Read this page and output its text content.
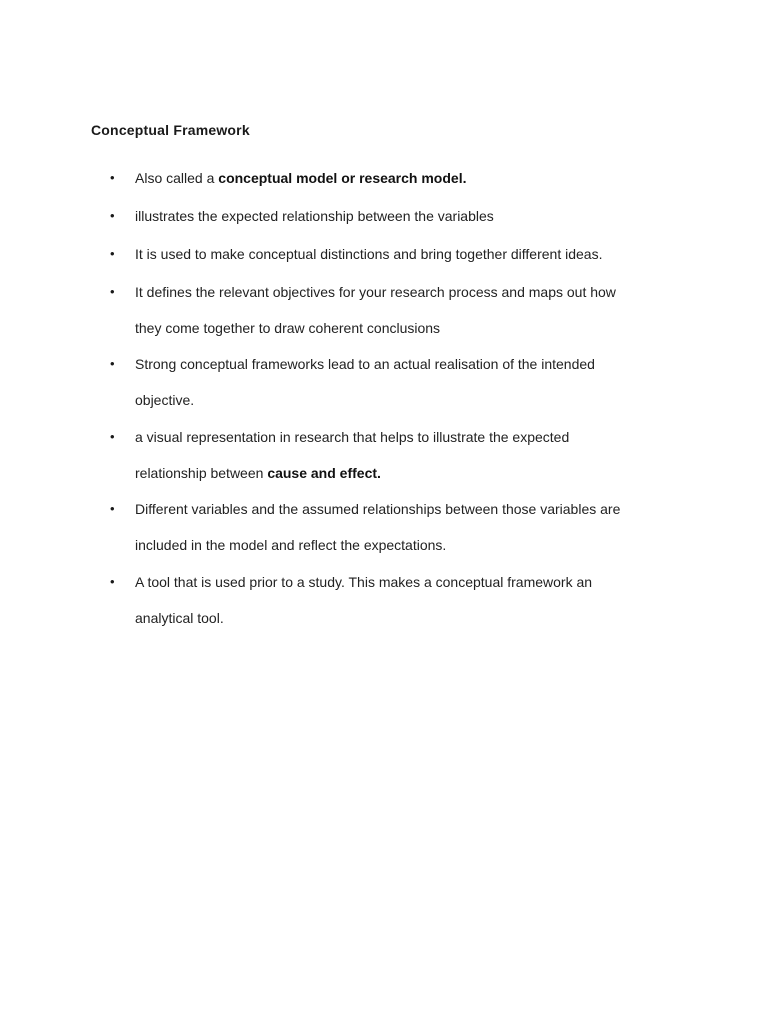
Conceptual Framework
• Also called a conceptual model or research model.
• illustrates the expected relationship between the variables
• It is used to make conceptual distinctions and bring together different ideas.
• It defines the relevant objectives for your research process and maps out how
they come together to draw coherent conclusions
• Strong conceptual frameworks lead to an actual realisation of the intended
objective.
• a visual representation in research that helps to illustrate the expected
relationship between cause and effect.
• Different variables and the assumed relationships between those variables are
included in the model and reflect the expectations.
• A tool that is used prior to a study. This makes a conceptual framework an
analytical tool.
